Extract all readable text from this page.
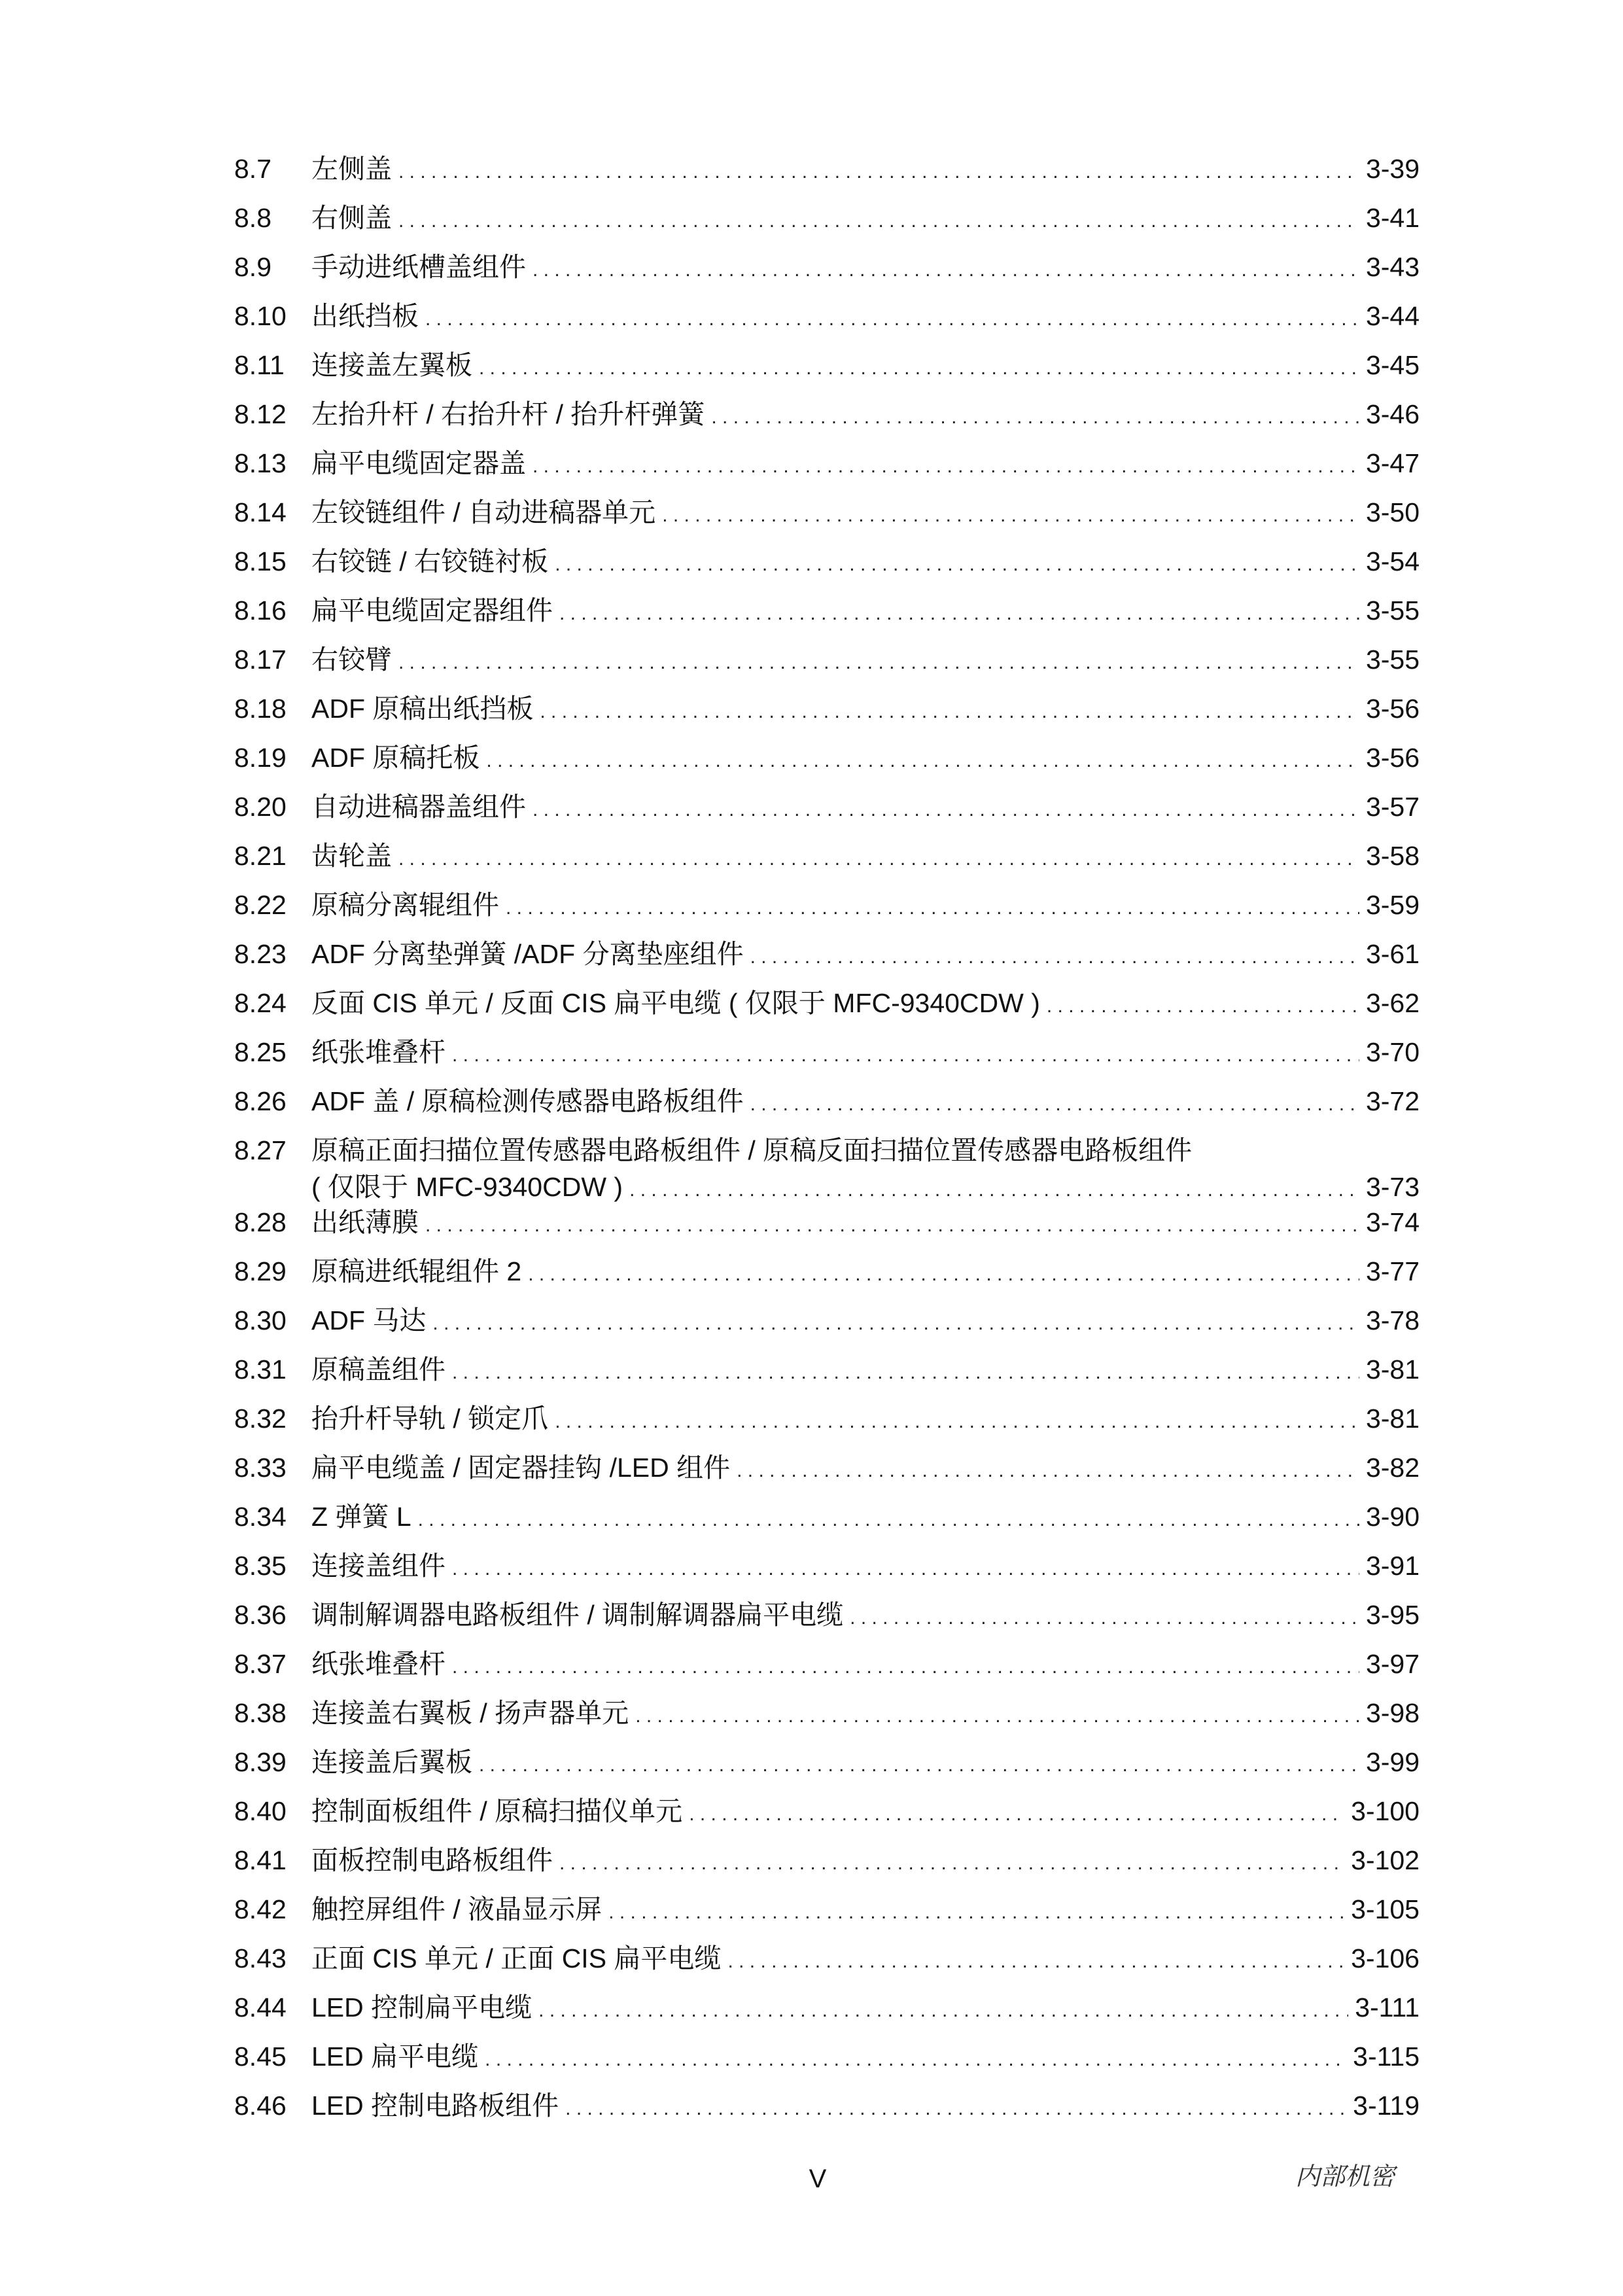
8.7	左侧盖 . . .	3-39
8.8	右侧盖 . . .	3-41
8.9	手动进纸槽盖组件 . . .	3-43
8.10 出纸挡板 . . .	3-44
8.11	连接盖左翼板 . . .	3-45
8.12 左抬升杆 / 右抬升杆 / 抬升杆弹簧 . . .	3-46
8.13 扁平电缆固定器盖 . . .	3-47
8.14 左铰链组件 / 自动进稿器单元 . . .	3-50
8.15 右铰链 / 右铰链衬板 . . .	3-54
8.16 扁平电缆固定器组件 . . .	3-55
8.17 右铰臂 . . .	3-55
8.18 ADF 原稿出纸挡板 . . .	3-56
8.19 ADF 原稿托板 . . .	3-56
8.20 自动进稿器盖组件 . . .	3-57
8.21 齿轮盖 . . .	3-58
8.22 原稿分离辊组件 . . .	3-59
8.23 ADF 分离垫弹簧 /ADF 分离垫座组件 . . .	3-61
8.24 反面 CIS 单元 / 反面 CIS 扁平电缆 ( 仅限于 MFC-9340CDW ) . . .	3-62
8.25 纸张堆叠杆 . . .	3-70
8.26 ADF 盖 / 原稿检测传感器电路板组件 . . .	3-72
8.27 原稿正面扫描位置传感器电路板组件 / 原稿反面扫描位置传感器电路板组件
( 仅限于 MFC-9340CDW ) . . .	3-73
8.28 出纸薄膜 . . .	3-74
8.29 原稿进纸辊组件 2 . . .	3-77
8.30 ADF 马达 . . .	3-78
8.31 原稿盖组件 . . .	3-81
8.32 抬升杆导轨 / 锁定爪 . . .	3-81
8.33 扁平电缆盖 / 固定器挂钩 /LED 组件 . . .	3-82
8.34 Z 弹簧 L . . .	3-90
8.35 连接盖组件 . . .	3-91
8.36 调制解调器电路板组件 / 调制解调器扁平电缆 . . .	3-95
8.37 纸张堆叠杆 . . .	3-97
8.38 连接盖右翼板 / 扬声器单元 . . .	3-98
8.39 连接盖后翼板 . . .	3-99
8.40 控制面板组件 / 原稿扫描仪单元 . . .	3-100
8.41 面板控制电路板组件 . . .	3-102
8.42 触控屏组件 / 液晶显示屏 . . .	3-105
8.43 正面 CIS 单元 / 正面 CIS 扁平电缆 . . .	3-106
8.44 LED 控制扁平电缆 . . .	3-111
8.45 LED 扁平电缆 . . .	3-115
8.46 LED 控制电路板组件 . . .	3-119
V	内部机密
